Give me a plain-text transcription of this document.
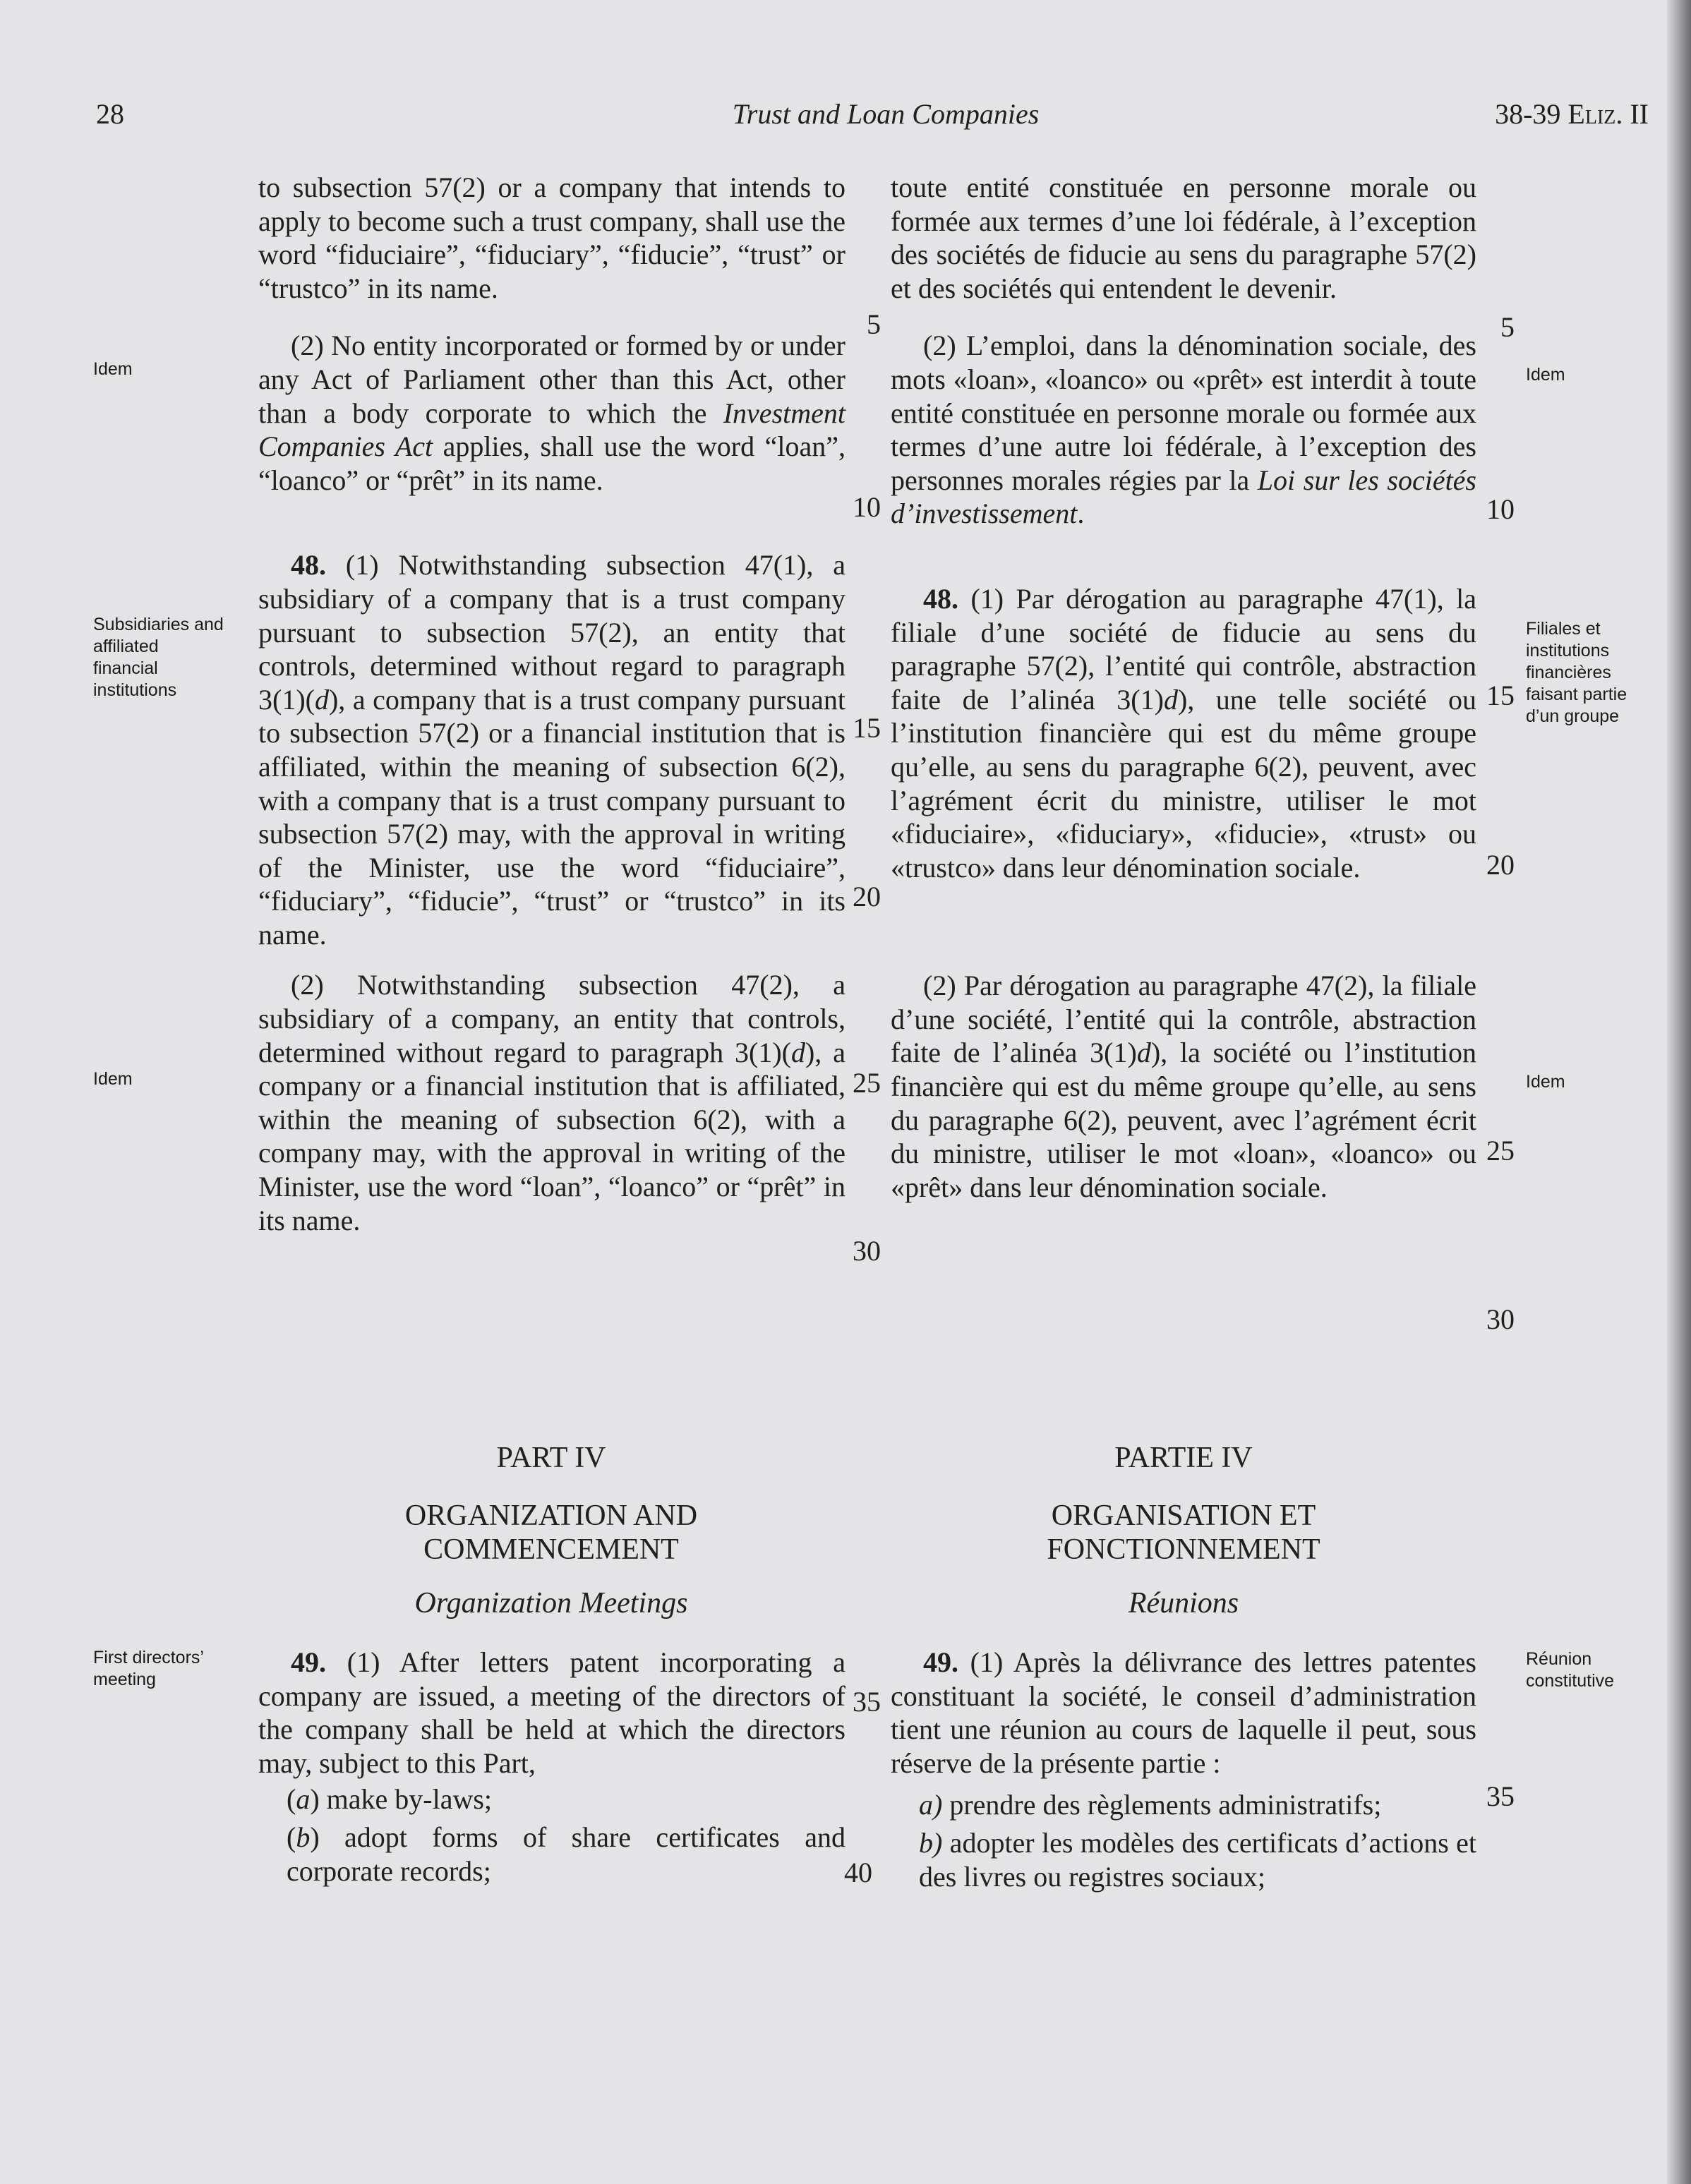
28	Trust and Loan Companies	38-39 Eliz. II
Idem
Subsidiaries and affiliated financial institutions
Idem
First directors’ meeting
Idem
Filiales et institutions financières faisant partie d’un groupe
Idem
Réunion constitutive

to subsection 57(2) or a company that intends to apply to become such a trust company, shall use the word “fiduciaire”, “fiduciary”, “fiducie”, “trust” or “trustco” in its name.

(2) No entity incorporated or formed by or under any Act of Parliament other than this Act, other than a body corporate to which the Investment Companies Act applies, shall use the word “loan”, “loanco” or “prêt” in its name.

48. (1) Notwithstanding subsection 47(1), a subsidiary of a company that is a trust company pursuant to subsection 57(2), an entity that controls, determined without regard to paragraph 3(1)(d), a company that is a trust company pursuant to subsection 57(2) or a financial institution that is affiliated, within the meaning of subsection 6(2), with a company that is a trust company pursuant to subsection 57(2) may, with the approval in writing of the Minister, use the word “fiduciaire”, “fiduciary”, “fiducie”, “trust” or “trustco” in its name.

(2) Notwithstanding subsection 47(2), a subsidiary of a company, an entity that controls, determined without regard to paragraph 3(1)(d), a company or a financial institution that is affiliated, within the meaning of subsection 6(2), with a company may, with the approval in writing of the Minister, use the word “loan”, “loanco” or “prêt” in its name.

toute entité constituée en personne morale ou formée aux termes d’une loi fédérale, à l’exception des sociétés de fiducie au sens du paragraphe 57(2) et des sociétés qui entendent le devenir.

(2) L’emploi, dans la dénomination sociale, des mots «loan», «loanco» ou «prêt» est interdit à toute entité constituée en personne morale ou formée aux termes d’une autre loi fédérale, à l’exception des personnes morales régies par la Loi sur les sociétés d’investissement.

48. (1) Par dérogation au paragraphe 47(1), la filiale d’une société de fiducie au sens du paragraphe 57(2), l’entité qui contrôle, abstraction faite de l’alinéa 3(1)d), une telle société ou l’institution financière qui est du même groupe qu’elle, au sens du paragraphe 6(2), peuvent, avec l’agrément écrit du ministre, utiliser le mot «fiduciaire», «fiduciary», «fiducie», «trust» ou «trustco» dans leur dénomination sociale.

(2) Par dérogation au paragraphe 47(2), la filiale d’une société, l’entité qui la contrôle, abstraction faite de l’alinéa 3(1)d), la société ou l’institution financière qui est du même groupe qu’elle, au sens du paragraphe 6(2), peuvent, avec l’agrément écrit du ministre, utiliser le mot «loan», «loanco» ou «prêt» dans leur dénomination sociale.

PART IV
ORGANIZATION AND
COMMENCEMENT
Organization Meetings
PARTIE IV
ORGANISATION ET
FONCTIONNEMENT
Réunions

49. (1) After letters patent incorporating a company are issued, a meeting of the directors of the company shall be held at which the directors may, subject to this Part,

(a) make by-laws;

(b) adopt forms of share certificates and corporate records;

49. (1) Après la délivrance des lettres patentes constituant la société, le conseil d’administration tient une réunion au cours de laquelle il peut, sous réserve de la présente partie :

a) prendre des règlements administratifs;

b) adopter les modèles des certificats d’actions et des livres ou registres sociaux;

5
10
15
20
25
30
35
40
5
10
15
20
25
30
35
